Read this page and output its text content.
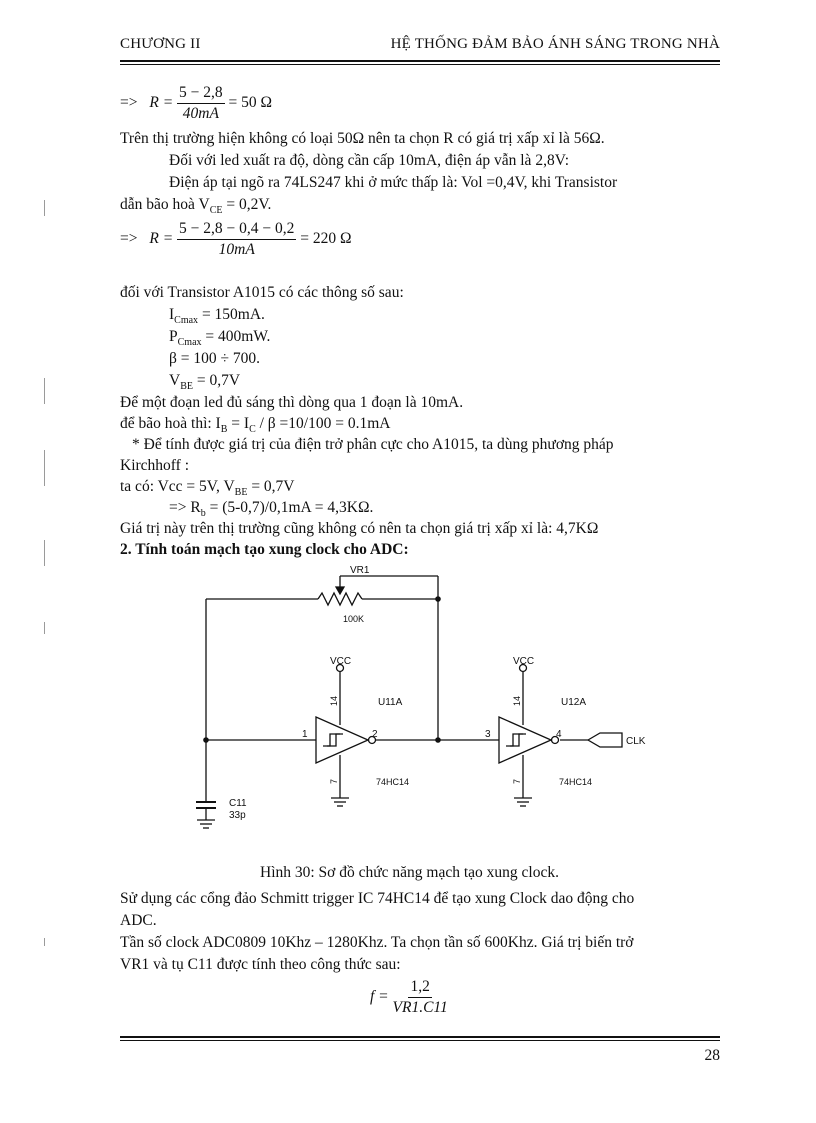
CHƯƠNG II	HỆ THỐNG ĐẢM BẢO ÁNH SÁNG TRONG NHÀ
=> $R = \frac{5 - 2,8}{40mA} = 50$ Ω
Trên thị trường hiện không có loại 50Ω nên ta chọn R có giá trị xấp xỉ là 56Ω.
Đối với led xuất ra độ, dòng cần cấp 10mA, điện áp vẫn là 2,8V:
Điện áp tại ngõ ra 74LS247 khi ở mức thấp là: Vol =0,4V, khi Transistor
dẫn bão hoà $V_{CE} = 0,2V$.
=> $R = \frac{5 - 2,8 - 0,4 - 0,2}{10mA} = 220$ Ω
đối với Transistor A1015 có các thông số sau:
$I_{Cmax} = 150mA$.
$P_{Cmax} = 400mW$.
β = 100 ÷ 700.
$V_{BE} = 0,7V$
Để một đoạn led đủ sáng thì dòng qua 1 đoạn là 10mA.
để bão hoà thì: $I_B = I_C / \beta =10/100 = 0.1mA$
* Để tính được giá trị của điện trở phân cực cho A1015, ta dùng phương pháp
Kirchhoff :
ta có: Vcc = 5V, $V_{BE} = 0,7V$
=> $R_b = (5-0,7)/0,1mA = 4,3K\Omega$.
Giá trị này trên thị trường cũng không có nên ta chọn giá trị xấp xỉ là: 4,7KΩ
2. Tính toán mạch tạo xung clock cho ADC:
VR1
100K
VCC	VCC
U11A	U12A
74HC14	74HC14
1	2	3	4
14	14
7	7
C11
33p
CLK
Hình 30: Sơ đồ chức năng mạch tạo xung clock.
Sử dụng các cổng đảo Schmitt trigger IC 74HC14 để tạo xung Clock dao động cho
ADC.
Tần số clock ADC0809 10Khz – 1280Khz. Ta chọn tần số 600Khz. Giá trị biến trở
VR1 và tụ C11 được tính theo công thức sau:
$f = \frac{1,2}{VR1.C11}$
28
